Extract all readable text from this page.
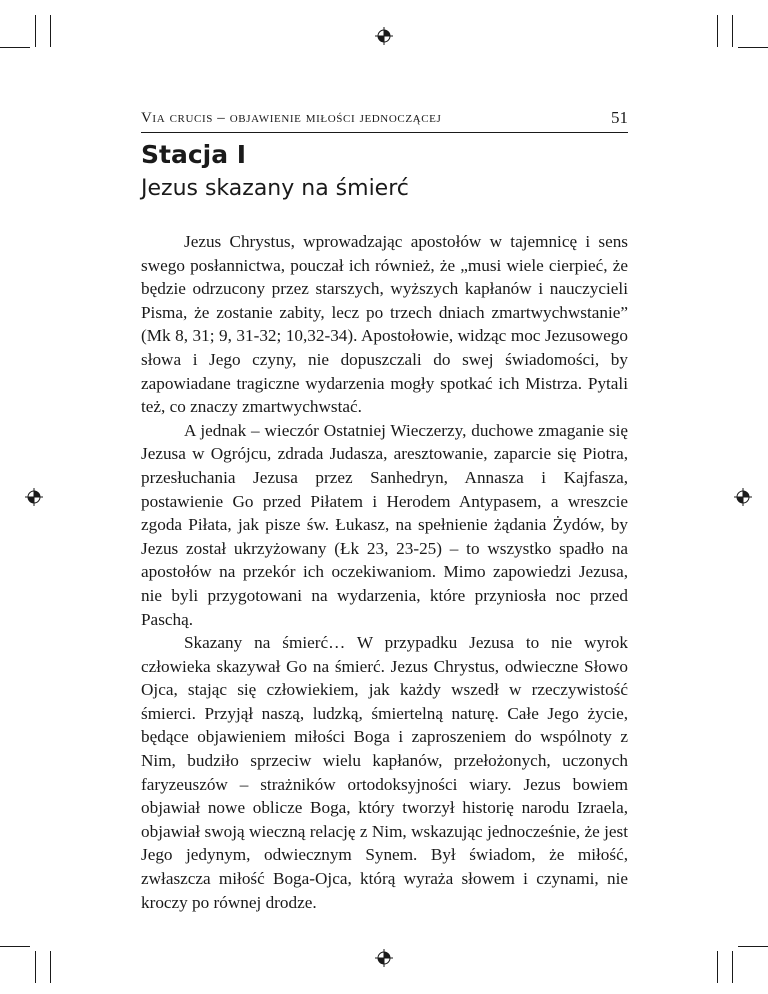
Via crucis – objawienie miłości jednoczącej	51
Stacja I
Jezus skazany na śmierć

Jezus Chrystus, wprowadzając apostołów w tajemnicę i sens swego posłannictwa, pouczał ich również, że „musi wiele cierpieć, że będzie odrzucony przez starszych, wyższych kapłanów i nauczycieli Pisma, że zostanie zabity, lecz po trzech dniach zmartwychwstanie” (Mk 8, 31; 9, 31-32; 10,32-34). Apostołowie, widząc moc Jezusowego słowa i Jego czyny, nie dopuszczali do swej świadomości, by zapowiadane tragiczne wydarzenia mogły spotkać ich Mistrza. Pytali też, co znaczy zmartwychwstać.

A jednak – wieczór Ostatniej Wieczerzy, duchowe zmaganie się Jezusa w Ogrójcu, zdrada Judasza, aresztowanie, zaparcie się Piotra, przesłuchania Jezusa przez Sanhedryn, Annasza i Kajfasza, postawienie Go przed Piłatem i Herodem Antypasem, a wreszcie zgoda Piłata, jak pisze św. Łukasz, na spełnienie żądania Żydów, by Jezus został ukrzyżowany (Łk 23, 23-25) – to wszystko spadło na apostołów na przekór ich oczekiwaniom. Mimo zapowiedzi Jezusa, nie byli przygotowani na wydarzenia, które przyniosła noc przed Paschą.

Skazany na śmierć… W przypadku Jezusa to nie wyrok człowieka skazywał Go na śmierć. Jezus Chrystus, odwieczne Słowo Ojca, stając się człowiekiem, jak każdy wszedł w rzeczywistość śmierci. Przyjął naszą, ludzką, śmiertelną naturę. Całe Jego życie, będące objawieniem miłości Boga i zaproszeniem do wspólnoty z Nim, budziło sprzeciw wielu kapłanów, przełożonych, uczonych faryzeuszów – strażników ortodoksyjności wiary. Jezus bowiem objawiał nowe oblicze Boga, który tworzył historię narodu Izraela, objawiał swoją wieczną relację z Nim, wskazując jednocześnie, że jest Jego jedynym, odwiecznym Synem. Był świadom, że miłość, zwłaszcza miłość Boga-Ojca, którą wyraża słowem i czynami, nie kroczy po równej drodze.
